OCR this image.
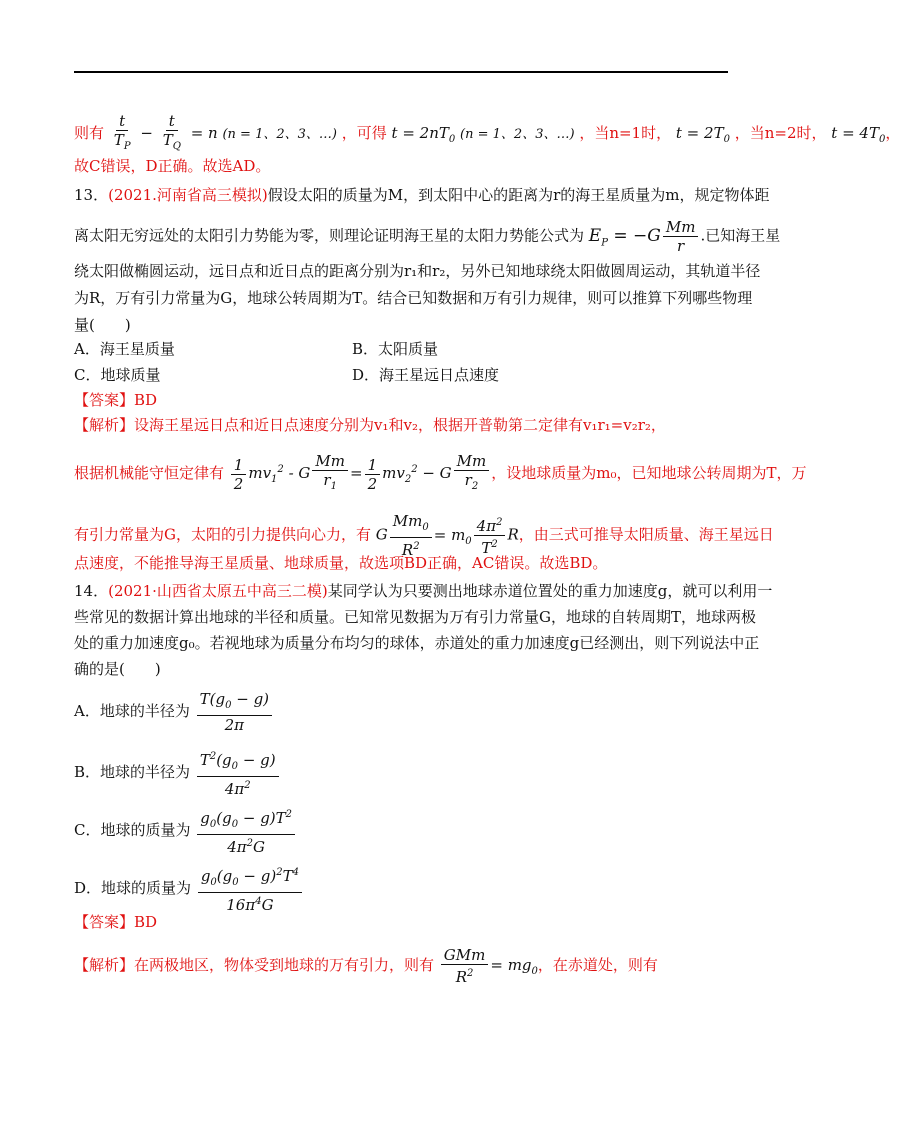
则有 $\frac{t}{T_P} - \frac{t}{T_Q} = n$ (n = 1、2、3、…) ，可得 $t = 2nT_0$ (n = 1、2、3、…) ，当n=1时， $t = 2T_0$ ，当n=2时， $t = 4T_0$，
故C错误，D正确。故选AD。
13．(2021.河南省高三模拟)假设太阳的质量为M，到太阳中心的距离为r的海王星质量为m，规定物体距
离太阳无穷远处的太阳引力势能为零，则理论证明海王星的太阳力势能公式为 $E_P = -G \frac{Mm}{r}$ .已知海王星
绕太阳做椭圆运动，远日点和近日点的距离分别为r₁和r₂，另外已知地球绕太阳做圆周运动，其轨道半径
为R，万有引力常量为G，地球公转周期为T。结合已知数据和万有引力规律，则可以推算下列哪些物理
量(　　)
A．海王星质量	B．太阳质量
C．地球质量	D．海王星远日点速度
【答案】BD
【解析】设海王星远日点和近日点速度分别为v₁和v₂，根据开普勒第二定律有v₁r₁=v₂r₂，
根据机械能守恒定律有 $\frac{1}{2} mv_1^2 - G \frac{Mm}{r_1} = \frac{1}{2} mv_2^2 - G \frac{Mm}{r_2}$ ，设地球质量为m₀，已知地球公转周期为T，万
有引力常量为G，太阳的引力提供向心力，有 G $\frac{Mm_0}{R^2} = m_0 \frac{4\pi^2}{T^2}$ R，由三式可推导太阳质量、海王星远日
点速度，不能推导海王星质量、地球质量，故选项BD正确，AC错误。故选BD。
14．(2021·山西省太原五中高三二模)某同学认为只要测出地球赤道位置处的重力加速度g，就可以利用一
些常见的数据计算出地球的半径和质量。已知常见数据为万有引力常量G，地球的自转周期T，地球两极
处的重力加速度g₀。若视地球为质量分布均匀的球体，赤道处的重力加速度g已经测出，则下列说法中正
确的是(　　)
A．地球的半径为 $\frac{T(g_0 - g)}{2\pi}$
B．地球的半径为 $\frac{T^2(g_0 - g)}{4\pi^2}$
C．地球的质量为 $\frac{g_0(g_0 - g)T^2}{4\pi^2G}$
D．地球的质量为 $\frac{g_0(g_0 - g)^2T^4}{16\pi^4G}$
【答案】BD
【解析】在两极地区，物体受到地球的万有引力，则有 $\frac{\text{GMm}}{R^2} = mg_0$，在赤道处，则有
